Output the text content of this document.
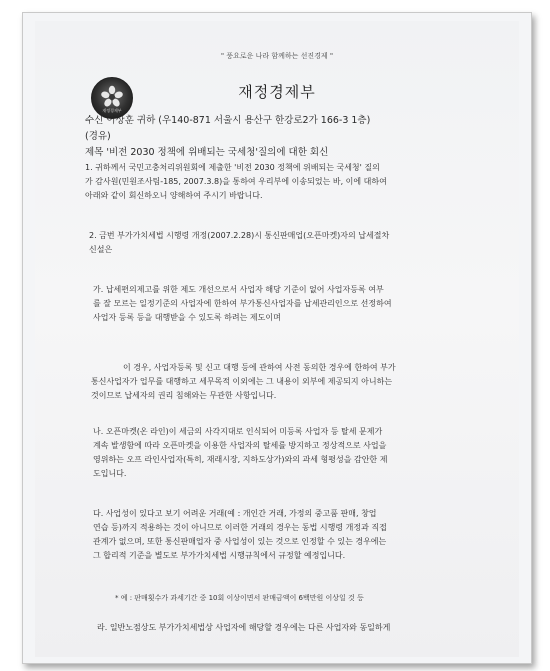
" 풍요로운 나라 함께하는 선진경제 "
재정경제부
재정경제부
수신 이상훈 귀하 (우140-871 서울시 용산구 한강로2가 166-3 1층)
(경유)
제목 '비전 2030 정책에 위배되는 국세청'질의에 대한 회신
1. 귀하께서 국민고충처리위원회에 제출한 '비전 2030 정책에 위배되는 국세청' 질의
가 감사원(민원조사팀-185, 2007.3.8)을 통하여 우리부에 이송되었는 바, 이에 대하여
아래와 같이 회신하오니 양해하여 주시기 바랍니다.
2. 금번 부가가치세법 시행령 개정(2007.2.28)시 통신판매업(오픈마켓)자의 납세절차
신설은
가. 납세편의제고를 위한 제도 개선으로서 사업자 해당 기준이 없어 사업자등록 여부
를 잘 모르는 일정기준의 사업자에 한하여 부가통신사업자를 납세관리인으로 선정하여
사업자 등록 등을 대행받을 수 있도록 하려는 제도이며
이 경우, 사업자등록 및 신고 대행 등에 관하여 사전 동의한 경우에 한하여 부가
통신사업자가 업무를 대행하고 세무목적 이외에는 그 내용이 외부에 제공되지 아니하는
것이므로 납세자의 권리 침해와는 무관한 사항입니다.
나. 오픈마켓(온 라인)이 세금의 사각지대로 인식되어 미등록 사업자 등 탈세 문제가
계속 발생함에 따라 오픈마켓을 이용한 사업자의 탈세를 방지하고 정상적으로 사업을
영위하는 오프 라인사업자(특히, 재래시장, 지하도상가)와의 과세 형평성을 감안한 제
도입니다.
다. 사업성이 있다고 보기 어려운 거래(예 : 개인간 거래, 가정의 중고품 판매, 창업
연습 등)까지 적용하는 것이 아니므로 이러한 거래의 경우는 동법 시행령 개정과 직접
관계가 없으며, 또한 통신판매업자 중 사업성이 있는 것으로 인정할 수 있는 경우에는
그 합리적 기준을 별도로 부가가치세법 시행규칙에서 규정할 예정입니다.
* 예 : 판매횟수가 과세기간 중 10회 이상이면서 판매금액이 6백만원 이상일 것 등
라. 일반노점상도 부가가치세법상 사업자에 해당할 경우에는 다른 사업자와 동일하게
